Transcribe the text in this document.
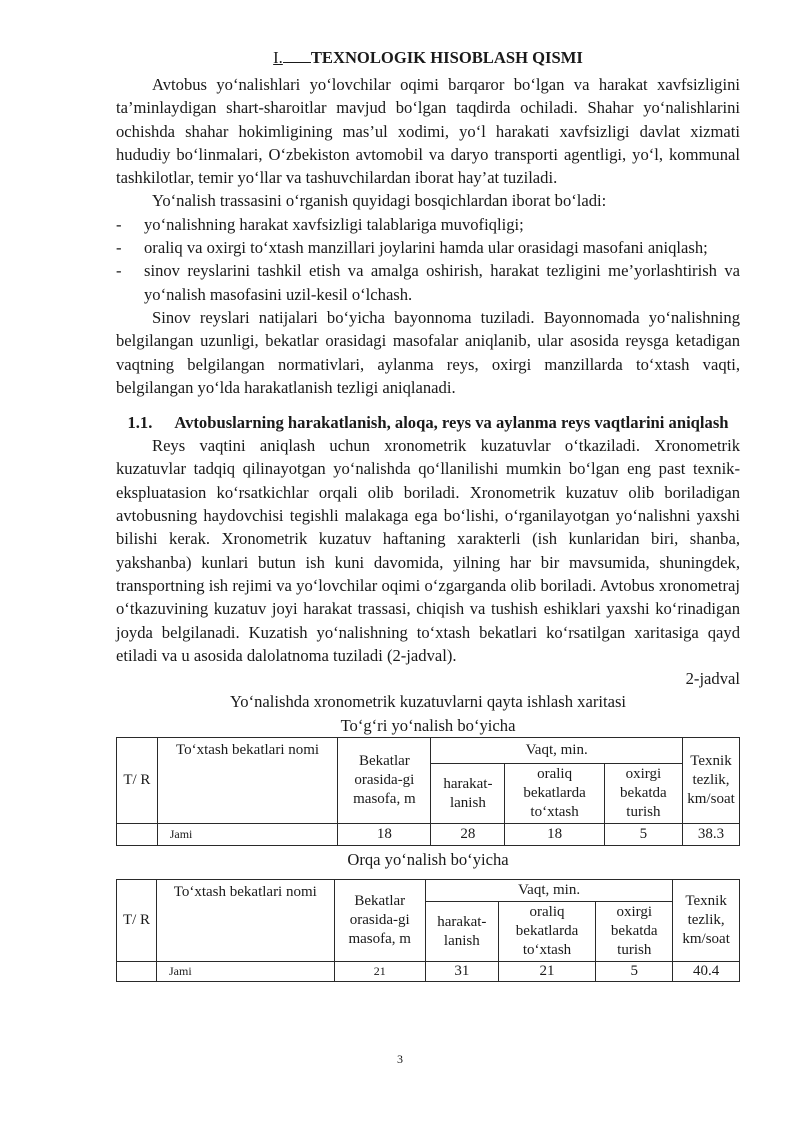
I. TEXNOLOGIK HISOBLASH QISMI

Avtobus yo‘nalishlari yo‘lovchilar oqimi barqaror bo‘lgan va harakat xavfsizligini ta’minlaydigan shart-sharoitlar mavjud bo‘lgan taqdirda ochiladi. Shahar yo‘nalishlarini ochishda shahar hokimligining mas’ul xodimi, yo‘l harakati xavfsizligi davlat xizmati hududiy bo‘linmalari, O‘zbekiston avtomobil va daryo transporti agentligi, yo‘l, kommunal tashkilotlar, temir yo‘llar va tashuvchilardan iborat hay’at tuziladi.

Yo‘nalish trassasini o‘rganish quyidagi bosqichlardan iborat bo‘ladi:

- yo‘nalishning harakat xavfsizligi talablariga muvofiqligi;

- oraliq va oxirgi to‘xtash manzillari joylarini hamda ular orasidagi masofani aniqlash;

- sinov reyslarini tashkil etish va amalga oshirish, harakat tezligini me’yorlashtirish va yo‘nalish masofasini uzil-kesil o‘lchash.

Sinov reyslari natijalari bo‘yicha bayonnoma tuziladi. Bayonnomada yo‘nalishning belgilangan uzunligi, bekatlar orasidagi masofalar aniqlanib, ular asosida reysga ketadigan vaqtning belgilangan normativlari, aylanma reys, oxirgi manzillarda to‘xtash vaqti, belgilangan yo‘lda harakatlanish tezligi aniqlanadi.

1.1. Avtobuslarning harakatlanish, aloqa, reys va aylanma reys vaqtlarini aniqlash

Reys vaqtini aniqlash uchun xronometrik kuzatuvlar o‘tkaziladi. Xronometrik kuzatuvlar tadqiq qilinayotgan yo‘nalishda qo‘llanilishi mumkin bo‘lgan eng past texnik-ekspluatasion ko‘rsatkichlar orqali olib boriladi. Xronometrik kuzatuv olib boriladigan avtobusning haydovchisi tegishli malakaga ega bo‘lishi, o‘rganilayotgan yo‘nalishni yaxshi bilishi kerak. Xronometrik kuzatuv haftaning xarakterli (ish kunlaridan biri, shanba, yakshanba) kunlari butun ish kuni davomida, yilning har bir mavsumida, shuningdek, transportning ish rejimi va yo‘lovchilar oqimi o‘zgarganda olib boriladi. Avtobus xronometraj o‘tkazuvining kuzatuv joyi harakat trassasi, chiqish va tushish eshiklari yaxshi ko‘rinadigan joyda belgilanadi. Kuzatish yo‘nalishning to‘xtash bekatlari ko‘rsatilgan xaritasiga qayd etiladi va u asosida dalolatnoma tuziladi (2-jadval).

2-jadval

Yo‘nalishda xronometrik kuzatuvlarni qayta ishlash xaritasi

To‘g‘ri yo‘nalish bo‘yicha

T/ R	To‘xtash bekatlari nomi	Bekatlar orasida-gi masofa, m	Vaqt, min.			Texnik tezlik, km/soat
			harakat-lanish	oraliq bekatlarda to‘xtash	oxirgi bekatda turish	
	Jami	18	28	18	5	38.3

Orqa yo‘nalish bo‘yicha

T/ R	To‘xtash bekatlari nomi	Bekatlar orasida-gi masofa, m	Vaqt, min.			Texnik tezlik, km/soat
			harakat-lanish	oraliq bekatlarda to‘xtash	oxirgi bekatda turish	
	Jami	21	31	21	5	40.4
3
